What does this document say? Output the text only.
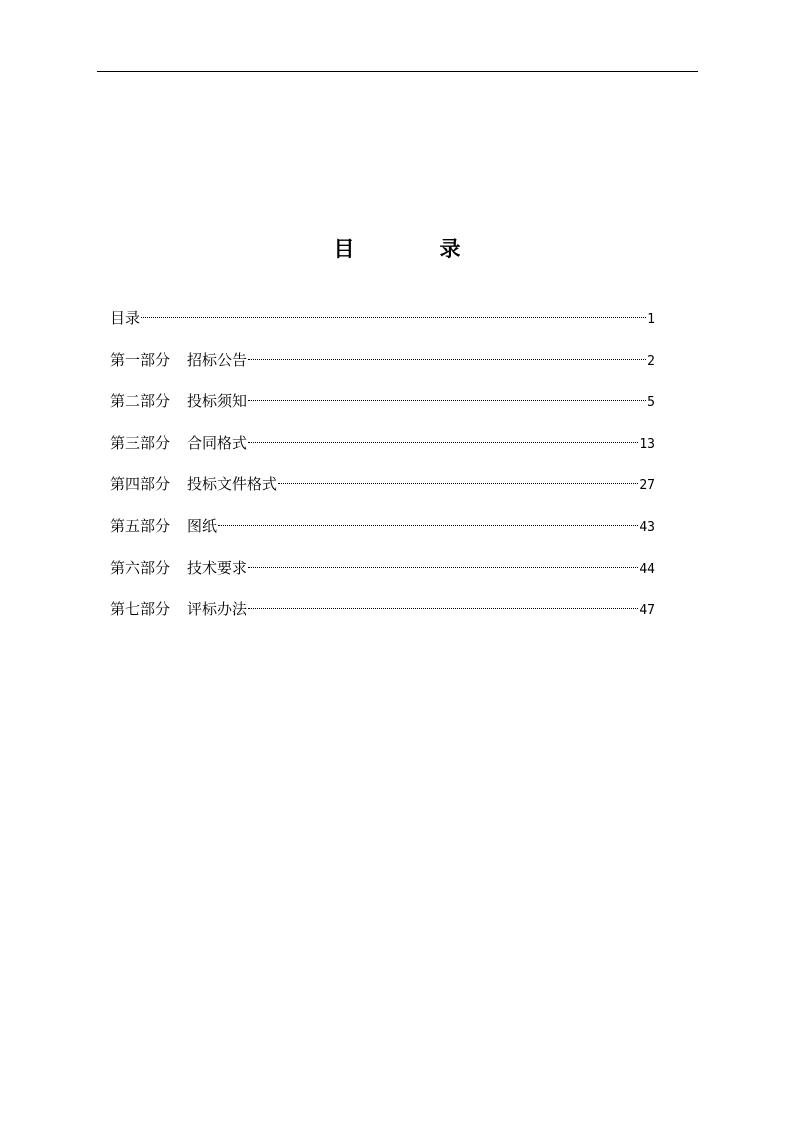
目　录
目录	1
第一部分 招标公告	2
第二部分 投标须知	5
第三部分 合同格式	13
第四部分 投标文件格式	27
第五部分 图纸	43
第六部分 技术要求	44
第七部分 评标办法	47
